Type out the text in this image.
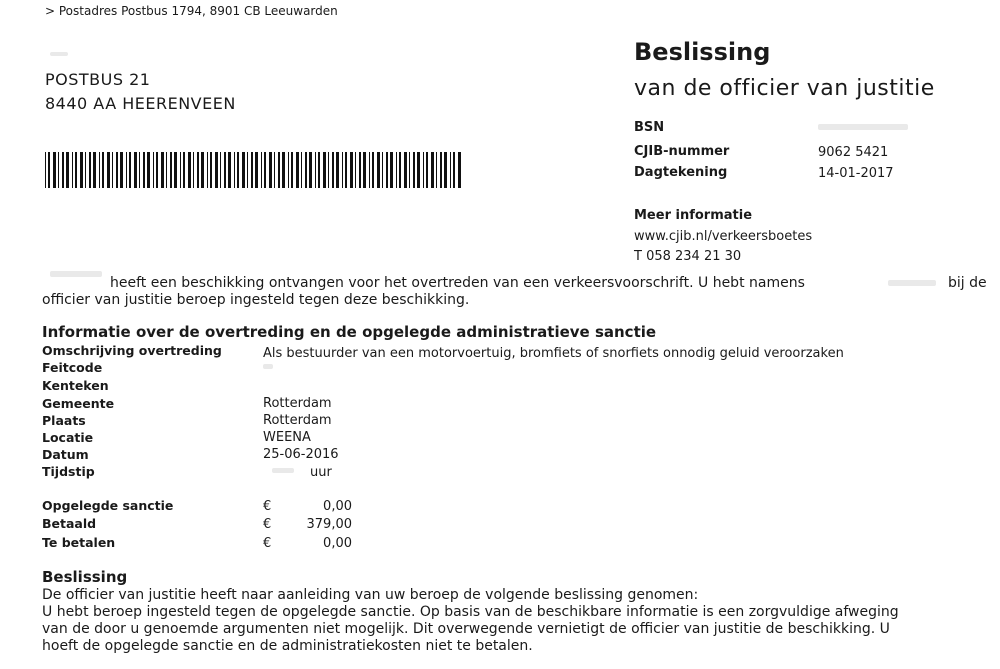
> Postadres Postbus 1794, 8901 CB Leeuwarden
POSTBUS 21
8440 AA HEERENVEEN
Beslissing
van de officier van justitie
BSN
CJIB-nummer	9062 5421
Dagtekening	14-01-2017
Meer informatie
www.cjib.nl/verkeersboetes
T 058 234 21 30
heeft een beschikking ontvangen voor het overtreden van een verkeersvoorschrift. U hebt namens	bij de
officier van justitie beroep ingesteld tegen deze beschikking.
Informatie over de overtreding en de opgelegde administratieve sanctie
Omschrijving overtreding	Als bestuurder van een motorvoertuig, bromfiets of snorfiets onnodig geluid veroorzaken
Feitcode
Kenteken
Gemeente	Rotterdam
Plaats	Rotterdam
Locatie	WEENA
Datum	25-06-2016
Tijdstip	uur
Opgelegde sanctie	€	0,00
Betaald	€	379,00
Te betalen	€	0,00
Beslissing
De officier van justitie heeft naar aanleiding van uw beroep de volgende beslissing genomen:
U hebt beroep ingesteld tegen de opgelegde sanctie. Op basis van de beschikbare informatie is een zorgvuldige afweging
van de door u genoemde argumenten niet mogelijk. Dit overwegende vernietigt de officier van justitie de beschikking. U
hoeft de opgelegde sanctie en de administratiekosten niet te betalen.
